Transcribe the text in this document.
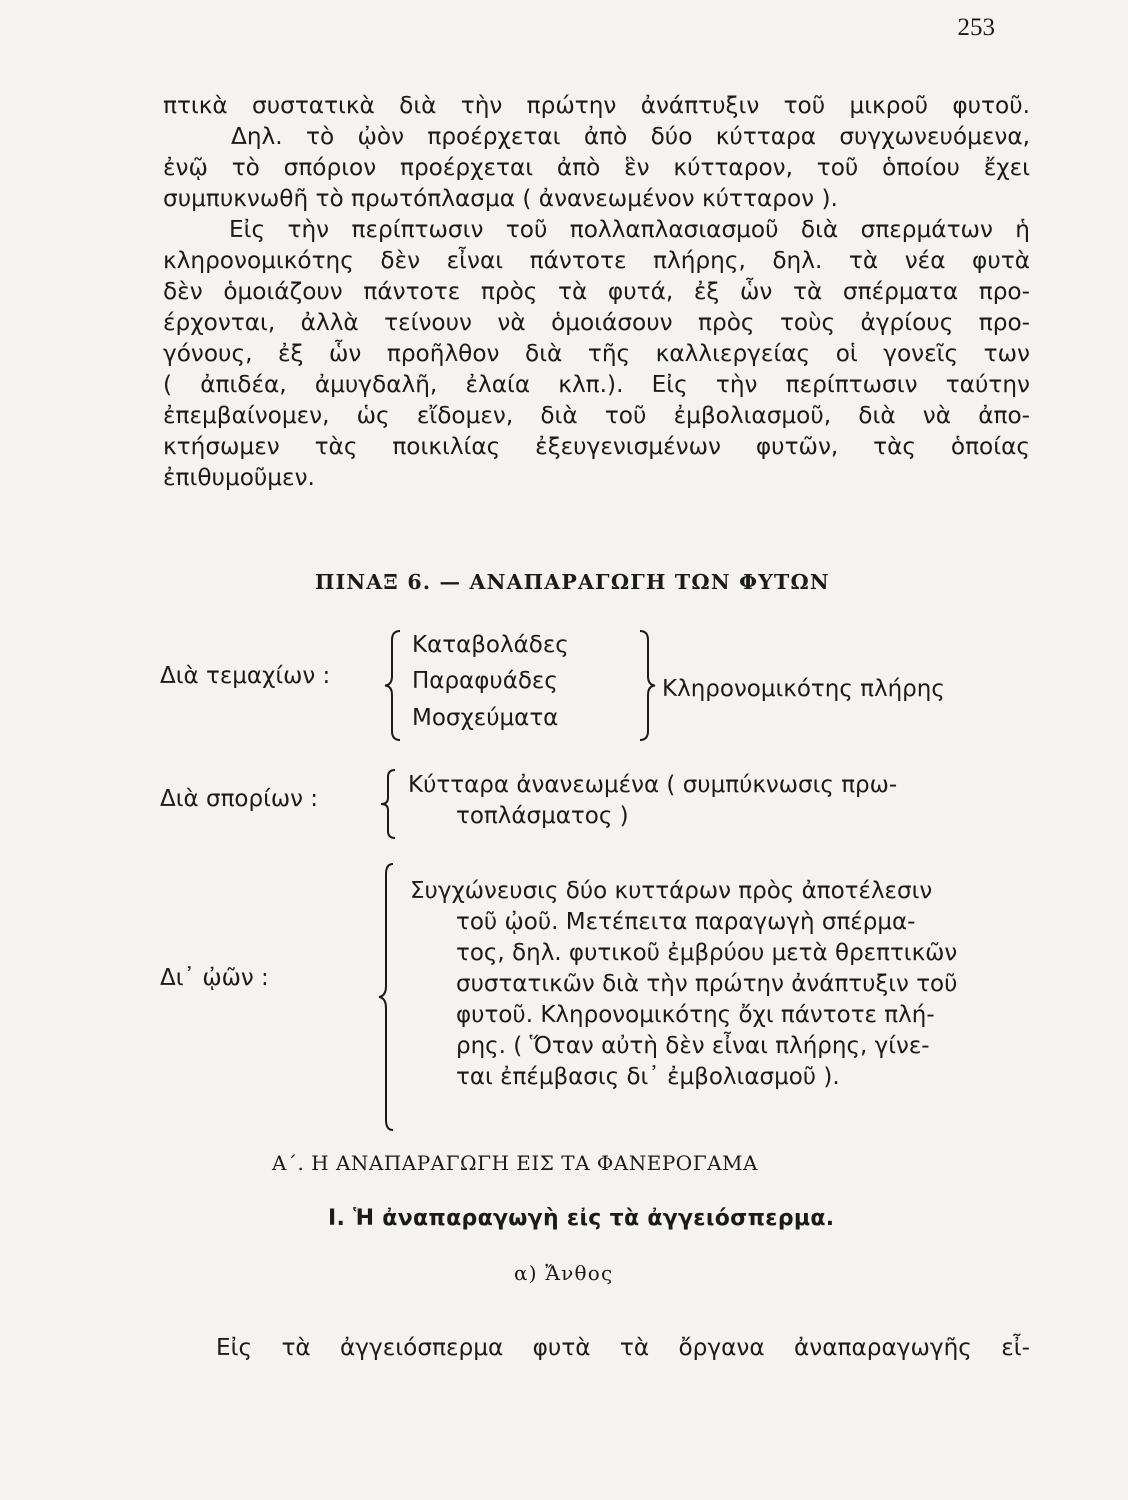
253
πτικὰ συστατικὰ διὰ τὴν πρώτην ἀνάπτυξιν τοῦ μικροῦ φυτοῦ.
Δηλ. τὸ ᾠὸν προέρχεται ἀπὸ δύο κύτταρα συγχωνευόμενα,
ἐνῷ τὸ σπόριον προέρχεται ἀπὸ ἓν κύτταρον, τοῦ ὁποίου ἔχει
συμπυκνωθῆ τὸ πρωτόπλασμα ( ἀνανεωμένον κύτταρον ).
Εἰς τὴν περίπτωσιν τοῦ πολλαπλασιασμοῦ διὰ σπερμάτων ἡ
κληρονομικότης δὲν εἶναι πάντοτε πλήρης, δηλ. τὰ νέα φυτὰ
δὲν ὁμοιάζουν πάντοτε πρὸς τὰ φυτά, ἐξ ὧν τὰ σπέρματα προ-
έρχονται, ἀλλὰ τείνουν νὰ ὁμοιάσουν πρὸς τοὺς ἀγρίους προ-
γόνους, ἐξ ὧν προῆλθον διὰ τῆς καλλιεργείας οἱ γονεῖς των
( ἀπιδέα, ἀμυγδαλῆ, ἐλαία κλπ.). Εἰς τὴν περίπτωσιν ταύτην
ἐπεμβαίνομεν, ὡς εἴδομεν, διὰ τοῦ ἐμβολιασμοῦ, διὰ νὰ ἀπο-
κτήσωμεν τὰς ποικιλίας ἐξευγενισμένων φυτῶν, τὰς ὁποίας
ἐπιθυμοῦμεν.
ΠΙΝΑΞ 6. — ΑΝΑΠΑΡΑΓΩΓΗ ΤΩΝ ΦΥΤΩΝ
Διὰ τεμαχίων :
Καταβολάδες
Παραφυάδες
Μοσχεύματα
Κληρονομικότης πλήρης
Διὰ σπορίων :
Κύτταρα ἀνανεωμένα ( συμπύκνωσις πρω-
τοπλάσματος )
Δι᾽ ᾠῶν :
Συγχώνευσις δύο κυττάρων πρὸς ἀποτέλεσιν
τοῦ ᾠοῦ. Μετέπειτα παραγωγὴ σπέρμα-
τος, δηλ. φυτικοῦ ἐμβρύου μετὰ θρεπτικῶν
συστατικῶν διὰ τὴν πρώτην ἀνάπτυξιν τοῦ
φυτοῦ. Κληρονομικότης ὄχι πάντοτε πλή-
ρης. ( Ὅταν αὐτὴ δὲν εἶναι πλήρης, γίνε-
ται ἐπέμβασις δι᾽ ἐμβολιασμοῦ ).
Α΄. Η ΑΝΑΠΑΡΑΓΩΓΗ ΕΙΣ ΤΑ ΦΑΝΕΡΟΓΑΜΑ
Ι. Ἡ ἀναπαραγωγὴ εἰς τὰ ἀγγειόσπερμα.
α) Ἄνθος
Εἰς τὰ ἀγγειόσπερμα φυτὰ τὰ ὄργανα ἀναπαραγωγῆς εἶ-
